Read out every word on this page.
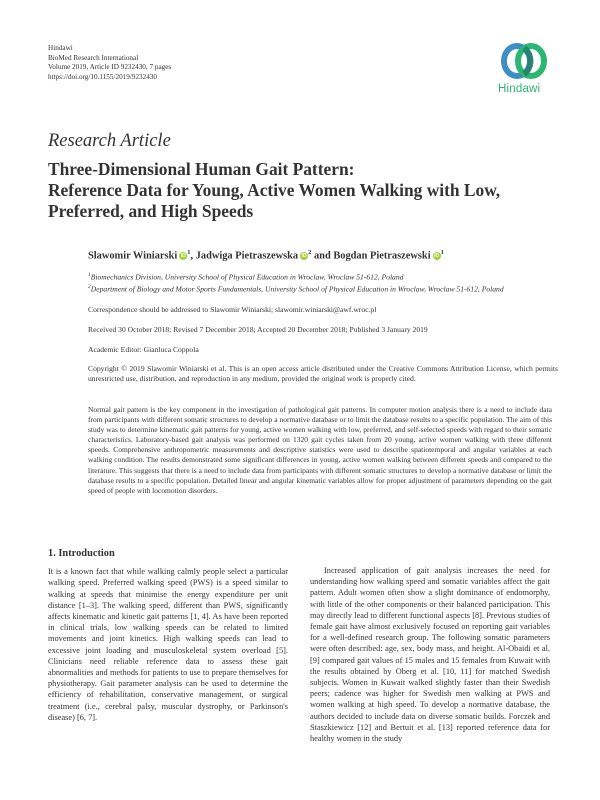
Hindawi
BioMed Research International
Volume 2019, Article ID 9232430, 7 pages
https://doi.org/10.1155/2019/9232430
Hindawi
Research Article
Three-Dimensional Human Gait Pattern:
Reference Data for Young, Active Women Walking with Low,
Preferred, and High Speeds
Slawomir Winiarski $iD^1$, Jadwiga Pietraszewska $iD^2$ and Bogdan Pietraszewski $iD^1$
$^1$Biomechanics Division, University School of Physical Education in Wroclaw, Wroclaw 51-612, Poland
$^2$Department of Biology and Motor Sports Fundamentals, University School of Physical Education in Wroclaw, Wroclaw 51-612, Poland
Correspondence should be addressed to Slawomir Winiarski; slawomir.winiarski@awf.wroc.pl
Received 30 October 2018; Revised 7 December 2018; Accepted 20 December 2018; Published 3 January 2019
Academic Editor: Gianluca Coppola
Copyright © 2019 Slawomir Winiarski et al. This is an open access article distributed under the Creative Commons Attribution License, which permits unrestricted use, distribution, and reproduction in any medium, provided the original work is properly cited.
Normal gait pattern is the key component in the investigation of pathological gait patterns. In computer motion analysis there is a need to include data from participants with different somatic structures to develop a normative database or to limit the database results to a specific population. The aim of this study was to determine kinematic gait patterns for young, active women walking with low, preferred, and self-selected speeds with regard to their somatic characteristics. Laboratory-based gait analysis was performed on 1320 gait cycles taken from 20 young, active women walking with three different speeds. Comprehensive anthropometric measurements and descriptive statistics were used to describe spatiotemporal and angular variables at each walking condition. The results demonstrated some significant differences in young, active women walking between different speeds and compared to the literature. This suggests that there is a need to include data from participants with different somatic structures to develop a normative database or limit the database results to a specific population. Detailed linear and angular kinematic variables allow for proper adjustment of parameters depending on the gait speed of people with locomotion disorders.
1. Introduction

It is a known fact that while walking calmly people select a particular walking speed. Preferred walking speed (PWS) is a speed similar to walking at speeds that minimise the energy expenditure per unit distance [1–3]. The walking speed, different than PWS, significantly affects kinematic and kinetic gait patterns [1, 4]. As have been reported in clinical trials, low walking speeds can be related to limited movements and joint kinetics. High walking speeds can lead to excessive joint loading and musculoskeletal system overload [5]. Clinicians need reliable reference data to assess these gait abnormalities and methods for patients to use to prepare themselves for physiotherapy. Gait parameter analysis can be used to determine the efficiency of rehabilitation, conservative management, or surgical treatment (i.e., cerebral palsy, muscular dystrophy, or Parkinson's disease) [6, 7].

Increased application of gait analysis increases the need for understanding how walking speed and somatic variables affect the gait pattern. Adult women often show a slight dominance of endomorphy, with little of the other components or their balanced participation. This may directly lead to different functional aspects [8]. Previous studies of female gait have almost exclusively focused on reporting gait variables for a well-defined research group. The following somatic parameters were often described: age, sex, body mass, and height. Al-Obaidi et al. [9] compared gait values of 15 males and 15 females from Kuwait with the results obtained by Oberg et al. [10, 11] for matched Swedish subjects. Women in Kuwait walked slightly faster than their Swedish peers; cadence was higher for Swedish men walking at PWS and women walking at high speed. To develop a normative database, the authors decided to include data on diverse somatic builds. Forczek and Staszkiewicz [12] and Bertuit et al. [13] reported reference data for healthy women in the study
